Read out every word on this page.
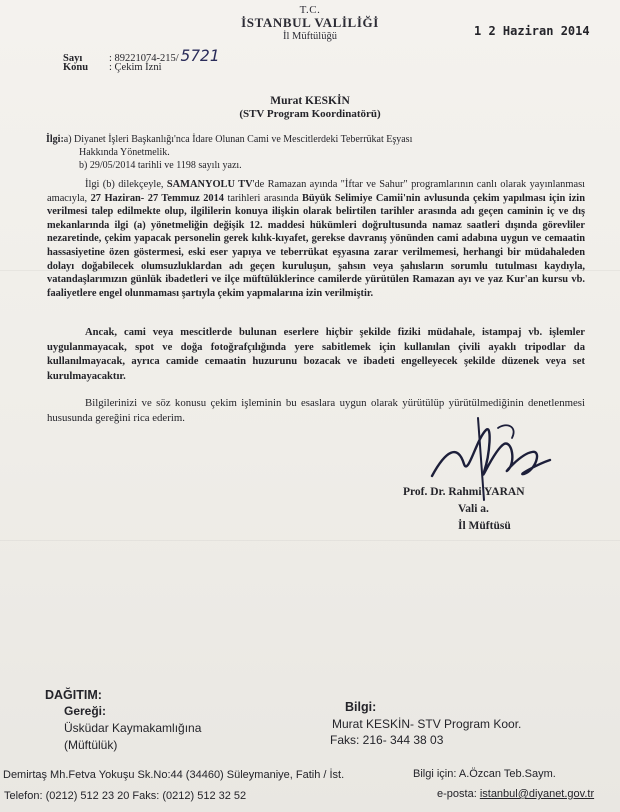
T.C.
İSTANBUL VALİLİĞİ
İl Müftülüğü	1 2 Haziran 2014
Sayı	: 89221074-215/ 5721
Konu : Çekim İzni
Murat KESKİN
(STV Program Koordinatörü)
İlgi:a) Diyanet İşleri Başkanlığı'nca İdare Olunan Cami ve Mescitlerdeki Teberrükat Eşyası
Hakkında Yönetmelik.
b) 29/05/2014 tarihli ve 1198 sayılı yazı.

İlgi (b) dilekçeyle, SAMANYOLU TV'de Ramazan ayında "İftar ve Sahur" programlarının canlı olarak yayınlanması amacıyla, 27 Haziran- 27 Temmuz 2014 tarihleri arasında Büyük Selimiye Camii'nin avlusunda çekim yapılması için izin verilmesi talep edilmekte olup, ilgililerin konuya ilişkin olarak belirtilen tarihler arasında adı geçen caminin iç ve dış mekanlarında ilgi (a) yönetmeliğin değişik 12. maddesi hükümleri doğrultusunda namaz saatleri dışında görevliler nezaretinde, çekim yapacak personelin gerek kılık-kıyafet, gerekse davranış yönünden cami adabına uygun ve cemaatin hassasiyetine özen göstermesi, eski eser yapıya ve teberrükat eşyasına zarar verilmemesi, herhangi bir müdahaleden dolayı doğabilecek olumsuzluklardan adı geçen kuruluşun, şahsın veya şahısların sorumlu tutulması kaydıyla, vatandaşlarımızın günlük ibadetleri ve ilçe müftülüklerince camilerde yürütülen Ramazan ayı ve yaz Kur'an kursu vb. faaliyetlere engel olunmaması şartıyla çekim yapmalarına izin verilmiştir.

Ancak, cami veya mescitlerde bulunan eserlere hiçbir şekilde fiziki müdahale, istampaj vb. işlemler uygulanmayacak, spot ve doğa fotoğrafçılığında yere sabitlemek için kullanılan çivili ayaklı tripodlar da kullanılmayacak, ayrıca camide cemaatin huzurunu bozacak ve ibadeti engelleyecek şekilde düzenek veya set kurulmayacaktır.

Bilgilerinizi ve söz konusu çekim işleminin bu esaslara uygun olarak yürütülüp yürütülmediğinin denetlenmesi hususunda gereğini rica ederim.

Prof. Dr. Rahmi YARAN
Vali a.
İl Müftüsü
DAĞITIM:
Gereği:
Üsküdar Kaymakamlığına
(Müftülük)
Bilgi:
Murat KESKİN- STV Program Koor.
Faks: 216- 344 38 03
Demirtaş Mh.Fetva Yokuşu Sk.No:44 (34460) Süleymaniye, Fatih / İst.
Telefon: (0212) 512 23 20 Faks: (0212) 512 32 52
Bilgi için: A.Özcan Teb.Saym.
e-posta: istanbul@diyanet.gov.tr
